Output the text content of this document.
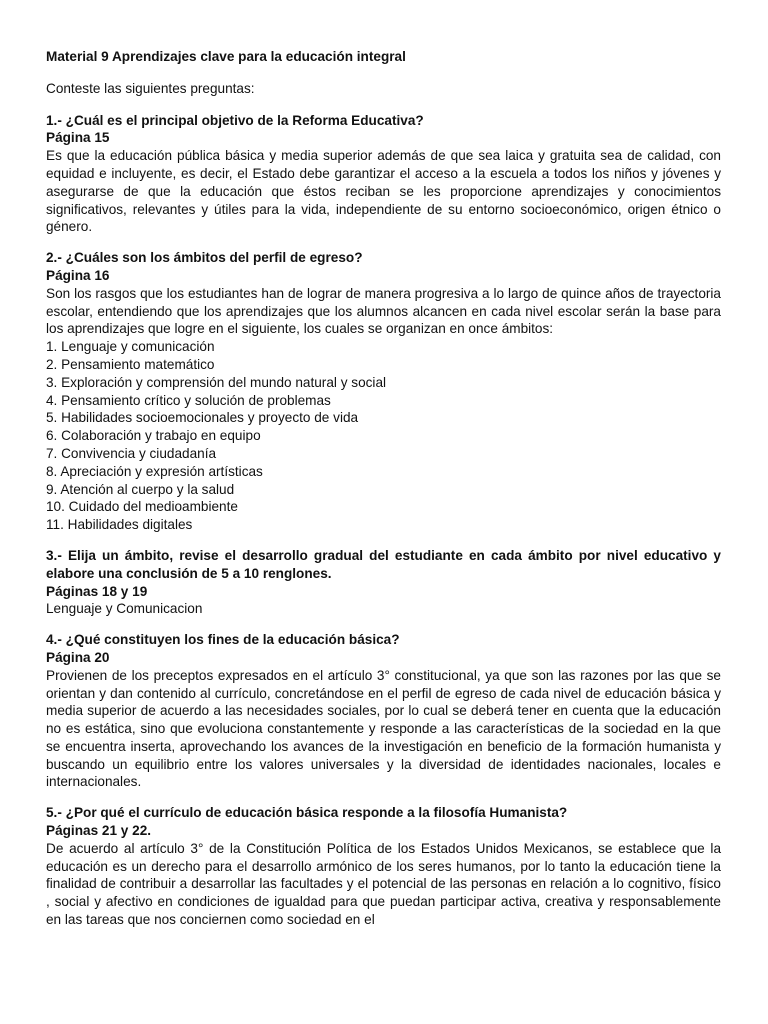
Material 9 Aprendizajes clave para la educación integral

Conteste las siguientes preguntas:

1.- ¿Cuál es el principal objetivo de la Reforma Educativa?

Página 15

Es que la educación pública básica y media superior además de que sea laica y gratuita sea de calidad, con equidad e incluyente, es decir, el Estado debe garantizar el acceso a la escuela a todos los niños y jóvenes y asegurarse de que la educación que éstos reciban se les proporcione aprendizajes y conocimientos significativos, relevantes y útiles para la vida, independiente de su entorno socioeconómico, origen étnico o género.

2.- ¿Cuáles son los ámbitos del perfil de egreso?

Página 16

Son los rasgos que los estudiantes han de lograr de manera progresiva a lo largo de quince años de trayectoria escolar, entendiendo que los aprendizajes que los alumnos alcancen en cada nivel escolar serán la base para los aprendizajes que logre en el siguiente, los cuales se organizan en once ámbitos:

1. Lenguaje y comunicación
2. Pensamiento matemático
3. Exploración y comprensión del mundo natural y social
4. Pensamiento crítico y solución de problemas
5. Habilidades socioemocionales y proyecto de vida
6. Colaboración y trabajo en equipo
7. Convivencia y ciudadanía
8. Apreciación y expresión artísticas
9. Atención al cuerpo y la salud
10. Cuidado del medioambiente
11. Habilidades digitales

3.- Elija un ámbito, revise el desarrollo gradual del estudiante en cada ámbito por nivel educativo y elabore una conclusión de 5 a 10 renglones.

Páginas 18 y 19

Lenguaje y Comunicacion

4.- ¿Qué constituyen los fines de la educación básica?

Página 20

Provienen de los preceptos expresados en el artículo 3° constitucional, ya que son las razones por las que se orientan y dan contenido al currículo, concretándose en el perfil de egreso de cada nivel de educación básica y media superior de acuerdo a las necesidades sociales, por lo cual se deberá tener en cuenta que la educación no es estática, sino que evoluciona constantemente y responde a las características de la sociedad en la que se encuentra inserta, aprovechando los avances de la investigación en beneficio de la formación humanista y buscando un equilibrio entre los valores universales y la diversidad de identidades nacionales, locales e internacionales.

5.- ¿Por qué el currículo de educación básica responde a la filosofía Humanista?

Páginas 21 y 22.

De acuerdo al artículo 3° de la Constitución Política de los Estados Unidos Mexicanos, se establece que la educación es un derecho para el desarrollo armónico de los seres humanos, por lo tanto la educación tiene la finalidad de contribuir a desarrollar las facultades y el potencial de las personas en relación a lo cognitivo, físico , social y afectivo en condiciones de igualdad para que puedan participar activa, creativa y responsablemente en las tareas que nos conciernen como sociedad en el
